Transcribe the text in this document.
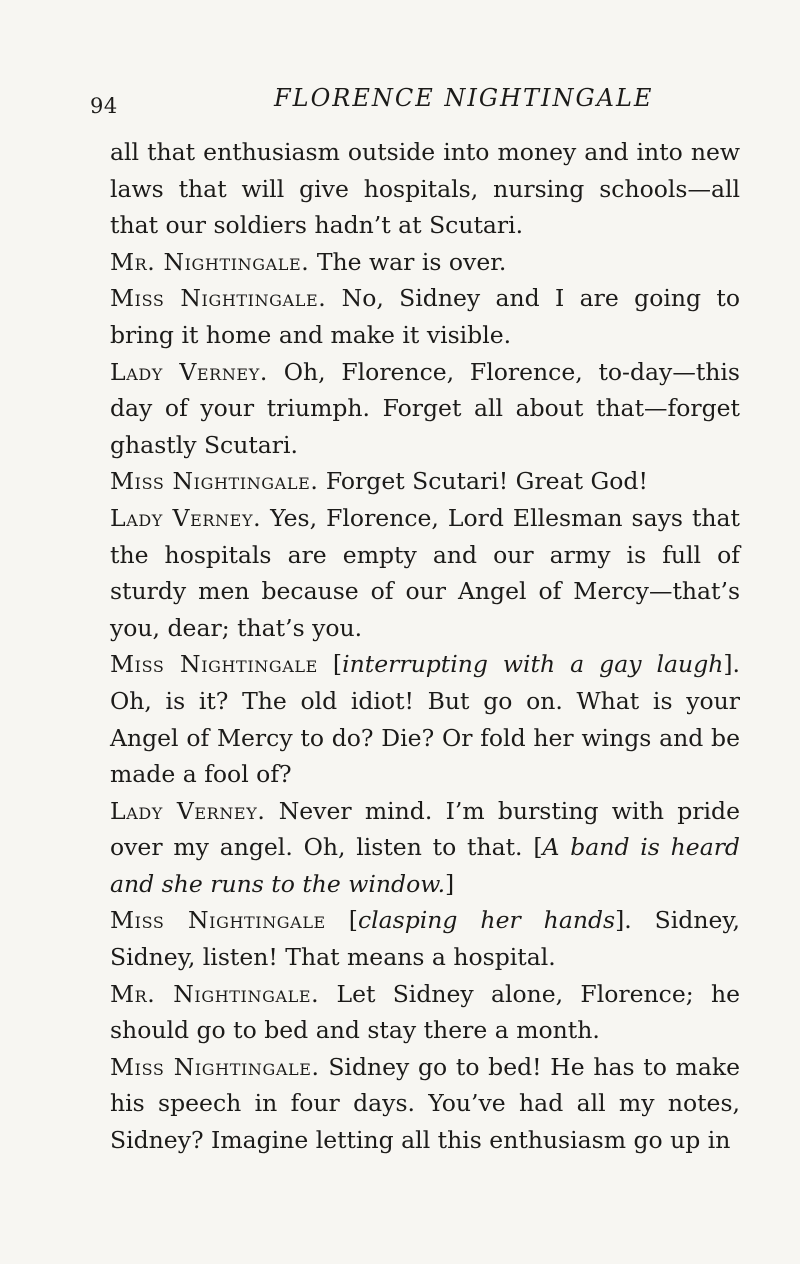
94	FLORENCE NIGHTINGALE

all that enthusiasm outside into money and into new laws that will give hospitals, nursing schools—all that our soldiers hadn’t at Scutari.

Mr. Nightingale. The war is over.

Miss Nightingale. No, Sidney and I are going to bring it home and make it visible.

Lady Verney. Oh, Florence, Florence, to-day—this day of your triumph. Forget all about that—forget ghastly Scutari.

Miss Nightingale. Forget Scutari! Great God!

Lady Verney. Yes, Florence, Lord Ellesman says that the hospitals are empty and our army is full of sturdy men because of our Angel of Mercy—that’s you, dear; that’s you.

Miss Nightingale [interrupting with a gay laugh]. Oh, is it? The old idiot! But go on. What is your Angel of Mercy to do? Die? Or fold her wings and be made a fool of?

Lady Verney. Never mind. I’m bursting with pride over my angel. Oh, listen to that. [A band is heard and she runs to the window.]

Miss Nightingale [clasping her hands]. Sidney, Sidney, listen! That means a hospital.

Mr. Nightingale. Let Sidney alone, Florence; he should go to bed and stay there a month.

Miss Nightingale. Sidney go to bed! He has to make his speech in four days. You’ve had all my notes, Sidney? Imagine letting all this enthusiasm go up in
